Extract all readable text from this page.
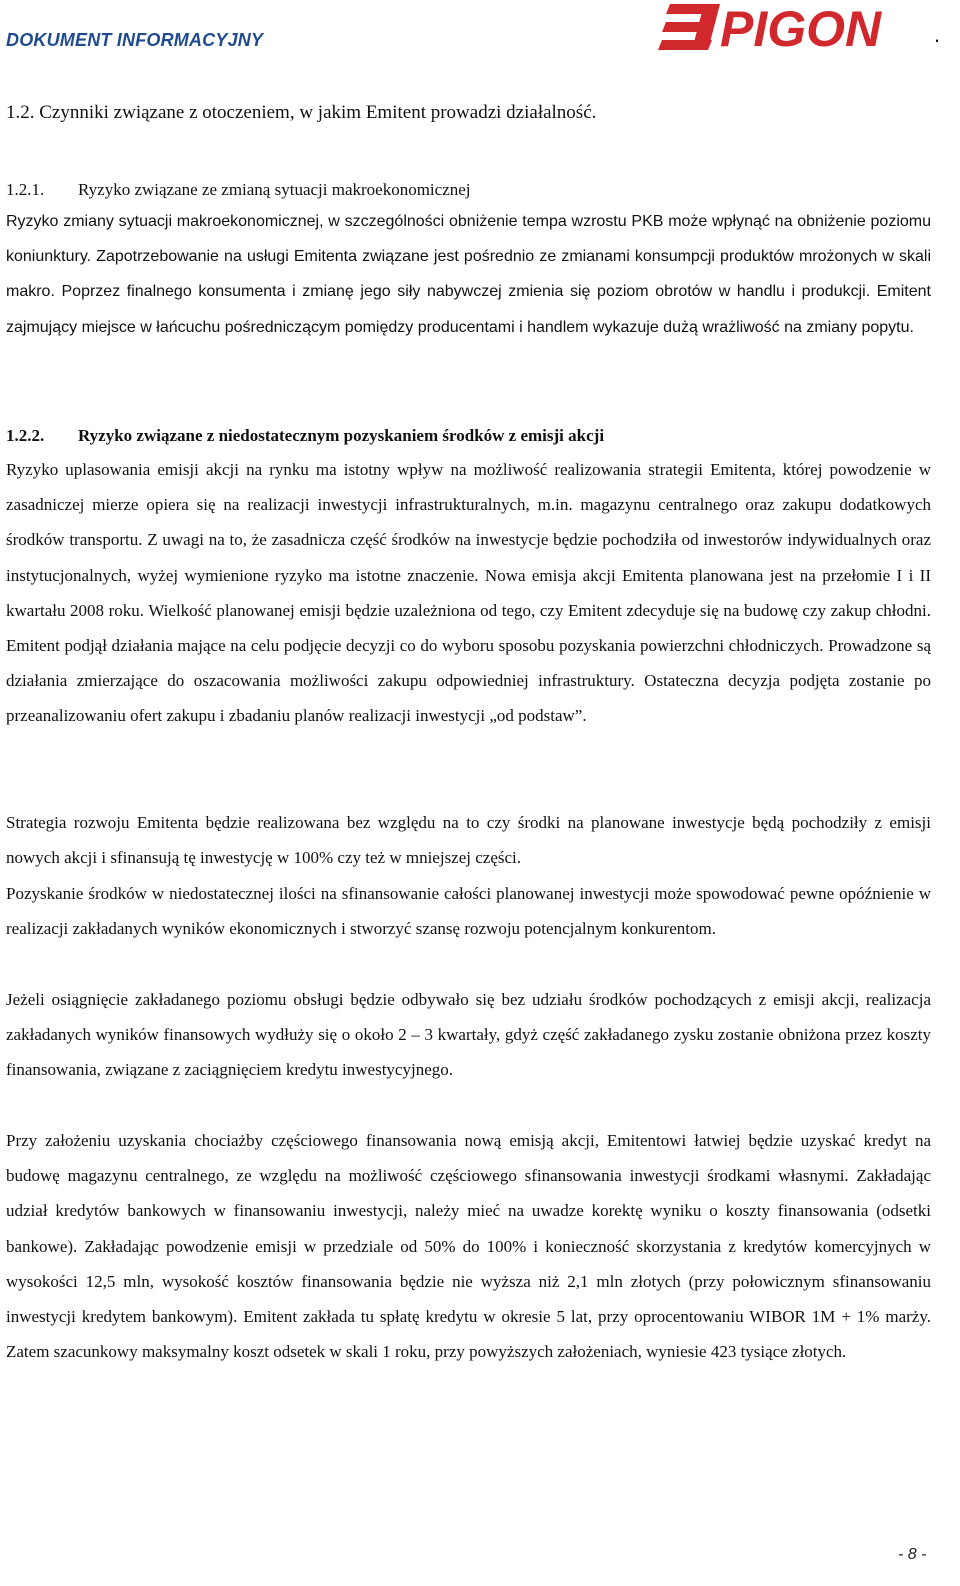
DOKUMENT INFORMACYJNY	PIGON .
1.2. Czynniki związane z otoczeniem, w jakim Emitent prowadzi działalność.
1.2.1. Ryzyko związane ze zmianą sytuacji makroekonomicznej

Ryzyko zmiany sytuacji makroekonomicznej, w szczególności obniżenie tempa wzrostu PKB może wpłynąć na obniżenie poziomu koniunktury. Zapotrzebowanie na usługi Emitenta związane jest pośrednio ze zmianami konsumpcji produktów mrożonych w skali makro. Poprzez finalnego konsumenta i zmianę jego siły nabywczej zmienia się poziom obrotów w handlu i produkcji. Emitent zajmujący miejsce w łańcuchu pośredniczącym pomiędzy producentami i handlem wykazuje dużą wrażliwość na zmiany popytu.

1.2.2. Ryzyko związane z niedostatecznym pozyskaniem środków z emisji akcji

Ryzyko uplasowania emisji akcji na rynku ma istotny wpływ na możliwość realizowania strategii Emitenta, której powodzenie w zasadniczej mierze opiera się na realizacji inwestycji infrastrukturalnych, m.in. magazynu centralnego oraz zakupu dodatkowych środków transportu. Z uwagi na to, że zasadnicza część środków na inwestycje będzie pochodziła od inwestorów indywidualnych oraz instytucjonalnych, wyżej wymienione ryzyko ma istotne znaczenie. Nowa emisja akcji Emitenta planowana jest na przełomie I i II kwartału 2008 roku. Wielkość planowanej emisji będzie uzależniona od tego, czy Emitent zdecyduje się na budowę czy zakup chłodni. Emitent podjął działania mające na celu podjęcie decyzji co do wyboru sposobu pozyskania powierzchni chłodniczych. Prowadzone są działania zmierzające do oszacowania możliwości zakupu odpowiedniej infrastruktury. Ostateczna decyzja podjęta zostanie po przeanalizowaniu ofert zakupu i zbadaniu planów realizacji inwestycji „od podstaw”.

Strategia rozwoju Emitenta będzie realizowana bez względu na to czy środki na planowane inwestycje będą pochodziły z emisji nowych akcji i sfinansują tę inwestycję w 100% czy też w mniejszej części.

Pozyskanie środków w niedostatecznej ilości na sfinansowanie całości planowanej inwestycji może spowodować pewne opóźnienie w realizacji zakładanych wyników ekonomicznych i stworzyć szansę rozwoju potencjalnym konkurentom.

Jeżeli osiągnięcie zakładanego poziomu obsługi będzie odbywało się bez udziału środków pochodzących z emisji akcji, realizacja zakładanych wyników finansowych wydłuży się o około 2 – 3 kwartały, gdyż część zakładanego zysku zostanie obniżona przez koszty finansowania, związane z zaciągnięciem kredytu inwestycyjnego.

Przy założeniu uzyskania chociażby częściowego finansowania nową emisją akcji, Emitentowi łatwiej będzie uzyskać kredyt na budowę magazynu centralnego, ze względu na możliwość częściowego sfinansowania inwestycji środkami własnymi. Zakładając udział kredytów bankowych w finansowaniu inwestycji, należy mieć na uwadze korektę wyniku o koszty finansowania (odsetki bankowe). Zakładając powodzenie emisji w przedziale od 50% do 100% i konieczność skorzystania z kredytów komercyjnych w wysokości 12,5 mln, wysokość kosztów finansowania będzie nie wyższa niż 2,1 mln złotych (przy połowicznym sfinansowaniu inwestycji kredytem bankowym). Emitent zakłada tu spłatę kredytu w okresie 5 lat, przy oprocentowaniu WIBOR 1M + 1% marży. Zatem szacunkowy maksymalny koszt odsetek w skali 1 roku, przy powyższych założeniach, wyniesie 423 tysiące złotych.

- 8 -
